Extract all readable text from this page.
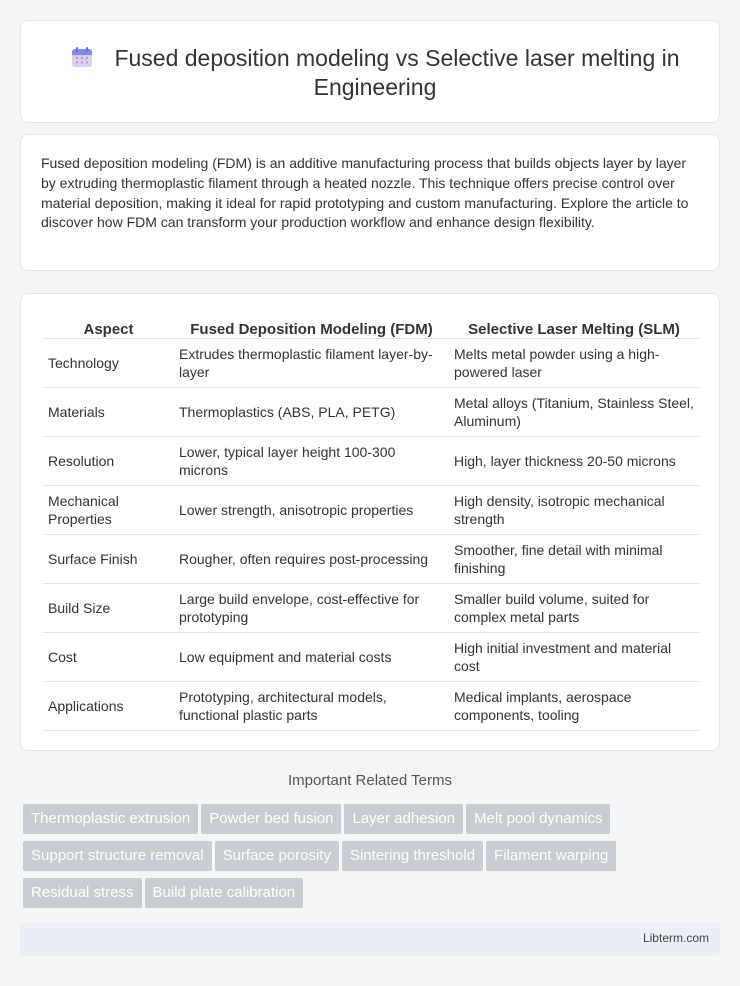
Fused deposition modeling vs Selective laser melting in Engineering

Fused deposition modeling (FDM) is an additive manufacturing process that builds objects layer by layer by extruding thermoplastic filament through a heated nozzle. This technique offers precise control over material deposition, making it ideal for rapid prototyping and custom manufacturing. Explore the article to discover how FDM can transform your production workflow and enhance design flexibility.

Aspect	Fused Deposition Modeling (FDM)	Selective Laser Melting (SLM)
Technology	Extrudes thermoplastic filament layer-by-layer	Melts metal powder using a high-powered laser
Materials	Thermoplastics (ABS, PLA, PETG)	Metal alloys (Titanium, Stainless Steel, Aluminum)
Resolution	Lower, typical layer height 100-300 microns	High, layer thickness 20-50 microns
Mechanical Properties	Lower strength, anisotropic properties	High density, isotropic mechanical strength
Surface Finish	Rougher, often requires post-processing	Smoother, fine detail with minimal finishing
Build Size	Large build envelope, cost-effective for prototyping	Smaller build volume, suited for complex metal parts
Cost	Low equipment and material costs	High initial investment and material cost
Applications	Prototyping, architectural models, functional plastic parts	Medical implants, aerospace components, tooling
Important Related Terms
Thermoplastic extrusion Powder bed fusion Layer adhesion Melt pool dynamicsSupport structure removal Surface porosity Sintering threshold Filament warpingResidual stress Build plate calibration
Libterm.com
